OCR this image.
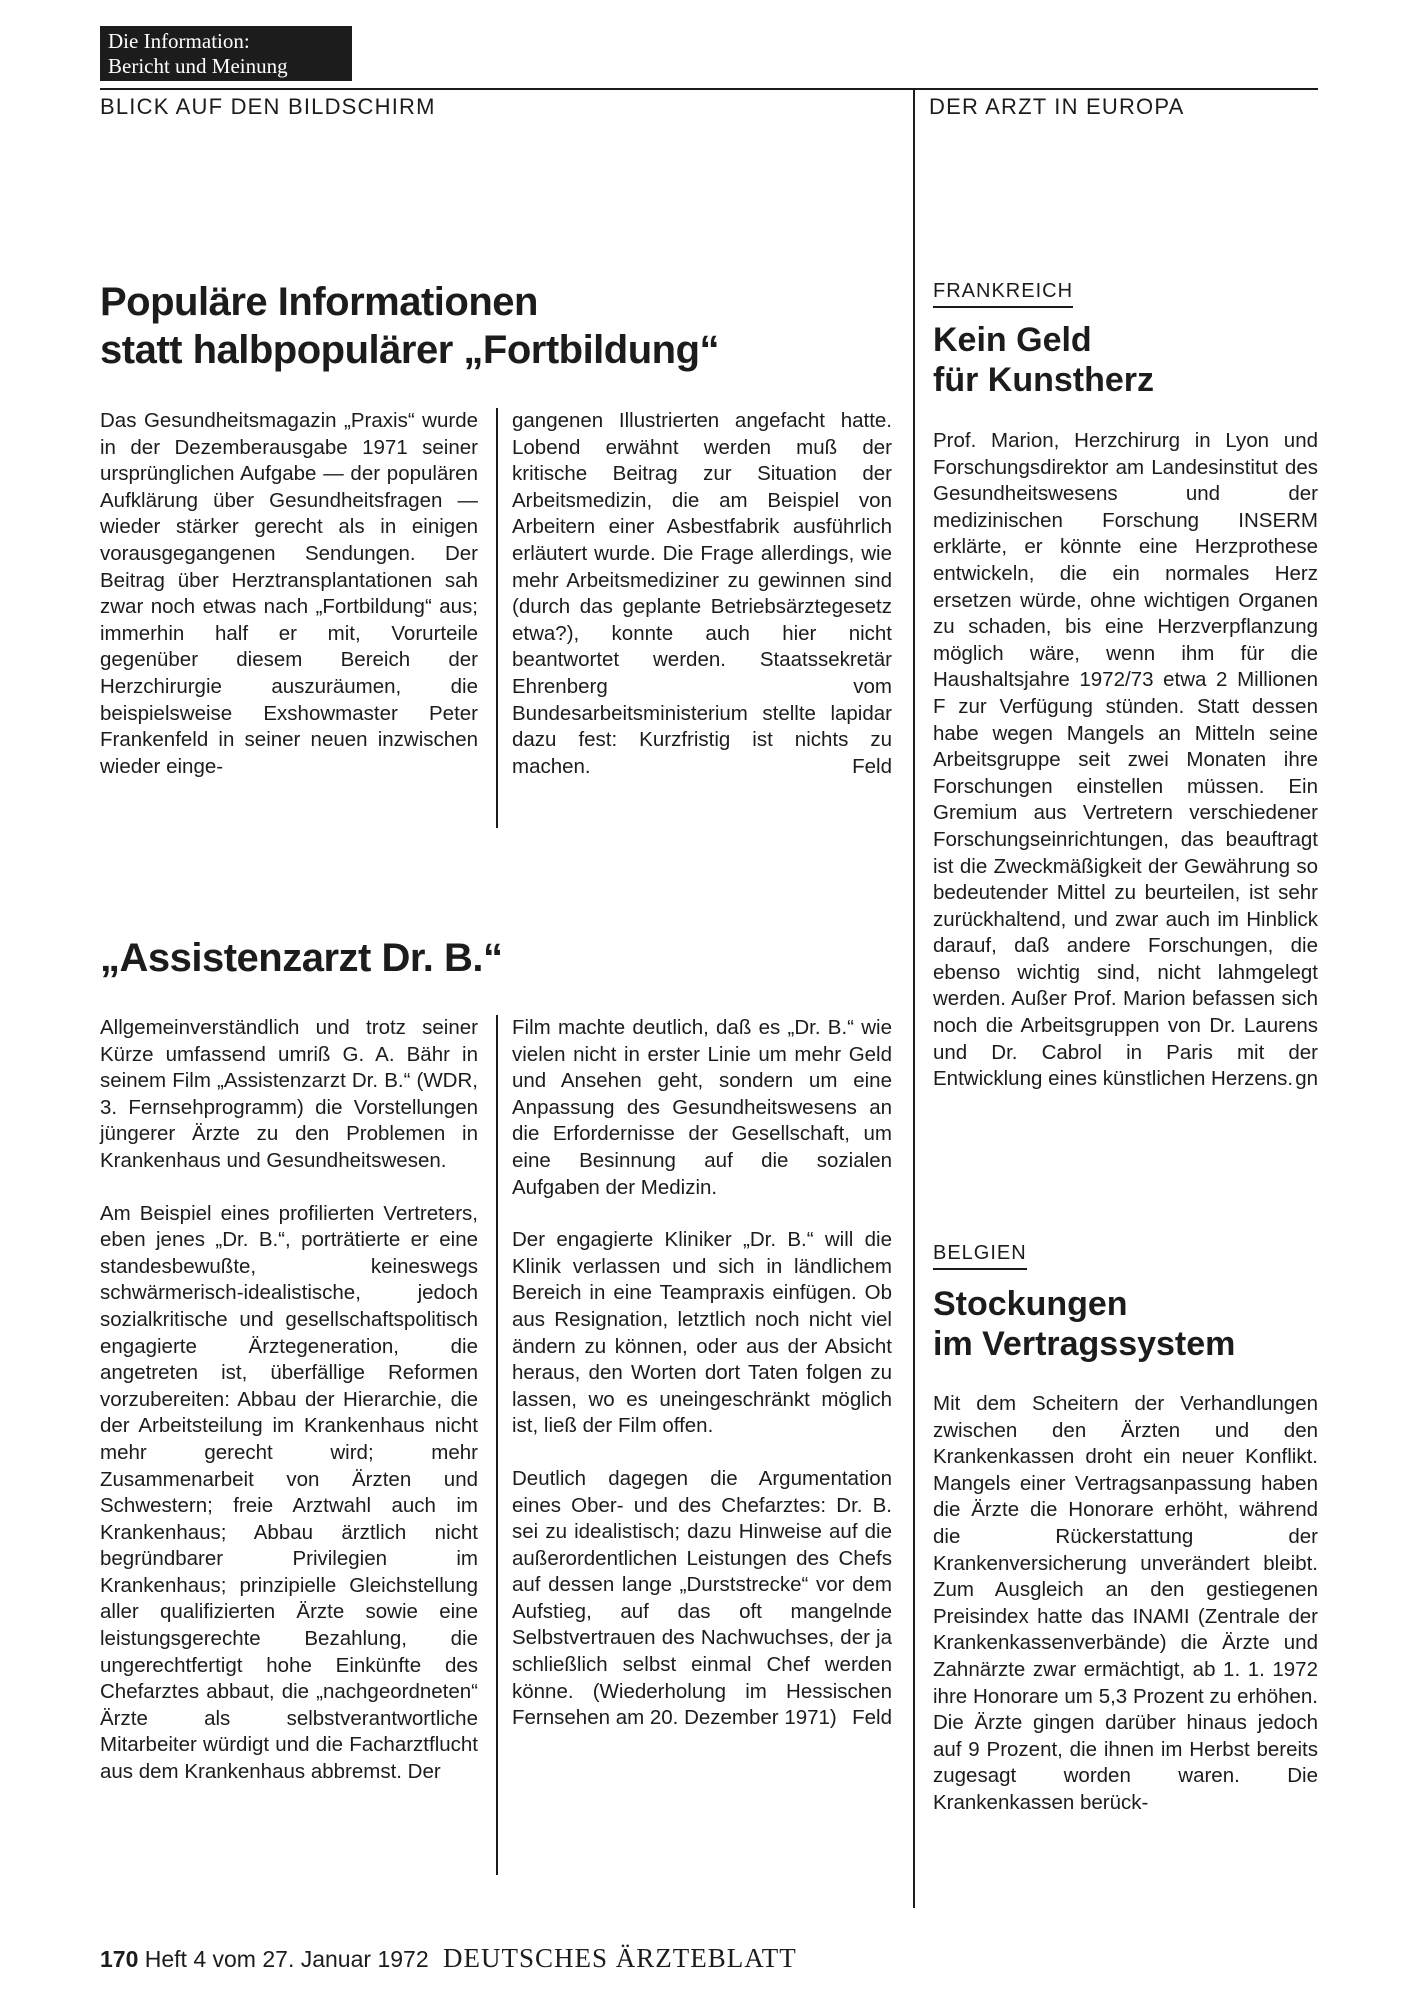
Die Information:
Bericht und Meinung
BLICK AUF DEN BILDSCHIRM	DER ARZT IN EUROPA
Populäre Informationen
statt halbpopulärer „Fortbildung“

Das Gesundheitsmagazin „Praxis“ wurde in der Dezemberausgabe 1971 seiner ursprünglichen Aufgabe — der populären Aufklärung über Gesundheitsfragen — wieder stärker gerecht als in einigen vorausgegangenen Sendungen. Der Beitrag über Herztransplantationen sah zwar noch etwas nach „Fortbildung“ aus; immerhin half er mit, Vorurteile gegenüber diesem Bereich der Herzchirurgie auszuräumen, die beispielsweise Exshowmaster Peter Frankenfeld in seiner neuen inzwischen wieder einge-

gangenen Illustrierten angefacht hatte. Lobend erwähnt werden muß der kritische Beitrag zur Situation der Arbeitsmedizin, die am Beispiel von Arbeitern einer Asbestfabrik ausführlich erläutert wurde. Die Frage allerdings, wie mehr Arbeitsmediziner zu gewinnen sind (durch das geplante Betriebsärztegesetz etwa?), konnte auch hier nicht beantwortet werden. Staatssekretär Ehrenberg vom Bundesarbeitsministerium stellte lapidar dazu fest: Kurzfristig ist nichts zu machen.	Feld

„Assistenzarzt Dr. B.“

Allgemeinverständlich und trotz seiner Kürze umfassend umriß G. A. Bähr in seinem Film „Assistenzarzt Dr. B.“ (WDR, 3. Fernsehprogramm) die Vorstellungen jüngerer Ärzte zu den Problemen in Krankenhaus und Gesundheitswesen.

Am Beispiel eines profilierten Vertreters, eben jenes „Dr. B.“, porträtierte er eine standesbewußte, keineswegs schwärmerisch-idealistische, jedoch sozialkritische und gesellschaftspolitisch engagierte Ärztegeneration, die angetreten ist, überfällige Reformen vorzubereiten: Abbau der Hierarchie, die der Arbeitsteilung im Krankenhaus nicht mehr gerecht wird; mehr Zusammenarbeit von Ärzten und Schwestern; freie Arztwahl auch im Krankenhaus; Abbau ärztlich nicht begründbarer Privilegien im Krankenhaus; prinzipielle Gleichstellung aller qualifizierten Ärzte sowie eine leistungsgerechte Bezahlung, die ungerechtfertigt hohe Einkünfte des Chefarztes abbaut, die „nachgeordneten“ Ärzte als selbstverantwortliche Mitarbeiter würdigt und die Facharztflucht aus dem Krankenhaus abbremst. Der

Film machte deutlich, daß es „Dr. B.“ wie vielen nicht in erster Linie um mehr Geld und Ansehen geht, sondern um eine Anpassung des Gesundheitswesens an die Erfordernisse der Gesellschaft, um eine Besinnung auf die sozialen Aufgaben der Medizin.

Der engagierte Kliniker „Dr. B.“ will die Klinik verlassen und sich in ländlichem Bereich in eine Teampraxis einfügen. Ob aus Resignation, letztlich noch nicht viel ändern zu können, oder aus der Absicht heraus, den Worten dort Taten folgen zu lassen, wo es uneingeschränkt möglich ist, ließ der Film offen.

Deutlich dagegen die Argumentation eines Ober- und des Chefarztes: Dr. B. sei zu idealistisch; dazu Hinweise auf die außerordentlichen Leistungen des Chefs auf dessen lange „Durststrecke“ vor dem Aufstieg, auf das oft mangelnde Selbstvertrauen des Nachwuchses, der ja schließlich selbst einmal Chef werden könne. (Wiederholung im Hessischen Fernsehen am 20. Dezember 1971) Feld

FRANKREICH
Kein Geld
für Kunstherz

Prof. Marion, Herzchirurg in Lyon und Forschungsdirektor am Landesinstitut des Gesundheitswesens und der medizinischen Forschung INSERM erklärte, er könnte eine Herzprothese entwickeln, die ein normales Herz ersetzen würde, ohne wichtigen Organen zu schaden, bis eine Herzverpflanzung möglich wäre, wenn ihm für die Haushaltsjahre 1972/73 etwa 2 Millionen F zur Verfügung stünden. Statt dessen habe wegen Mangels an Mitteln seine Arbeitsgruppe seit zwei Monaten ihre Forschungen einstellen müssen. Ein Gremium aus Vertretern verschiedener Forschungseinrichtungen, das beauftragt ist die Zweckmäßigkeit der Gewährung so bedeutender Mittel zu beurteilen, ist sehr zurückhaltend, und zwar auch im Hinblick darauf, daß andere Forschungen, die ebenso wichtig sind, nicht lahmgelegt werden. Außer Prof. Marion befassen sich noch die Arbeitsgruppen von Dr. Laurens und Dr. Cabrol in Paris mit der Entwicklung eines künstlichen Herzens. gn

BELGIEN
Stockungen
im Vertragssystem

Mit dem Scheitern der Verhandlungen zwischen den Ärzten und den Krankenkassen droht ein neuer Konflikt. Mangels einer Vertragsanpassung haben die Ärzte die Honorare erhöht, während die Rückerstattung der Krankenversicherung unverändert bleibt. Zum Ausgleich an den gestiegenen Preisindex hatte das INAMI (Zentrale der Krankenkassenverbände) die Ärzte und Zahnärzte zwar ermächtigt, ab 1. 1. 1972 ihre Honorare um 5,3 Prozent zu erhöhen. Die Ärzte gingen darüber hinaus jedoch auf 9 Prozent, die ihnen im Herbst bereits zugesagt worden waren. Die Krankenkassen berück-

170 Heft 4 vom 27. Januar 1972 DEUTSCHES ÄRZTEBLATT
